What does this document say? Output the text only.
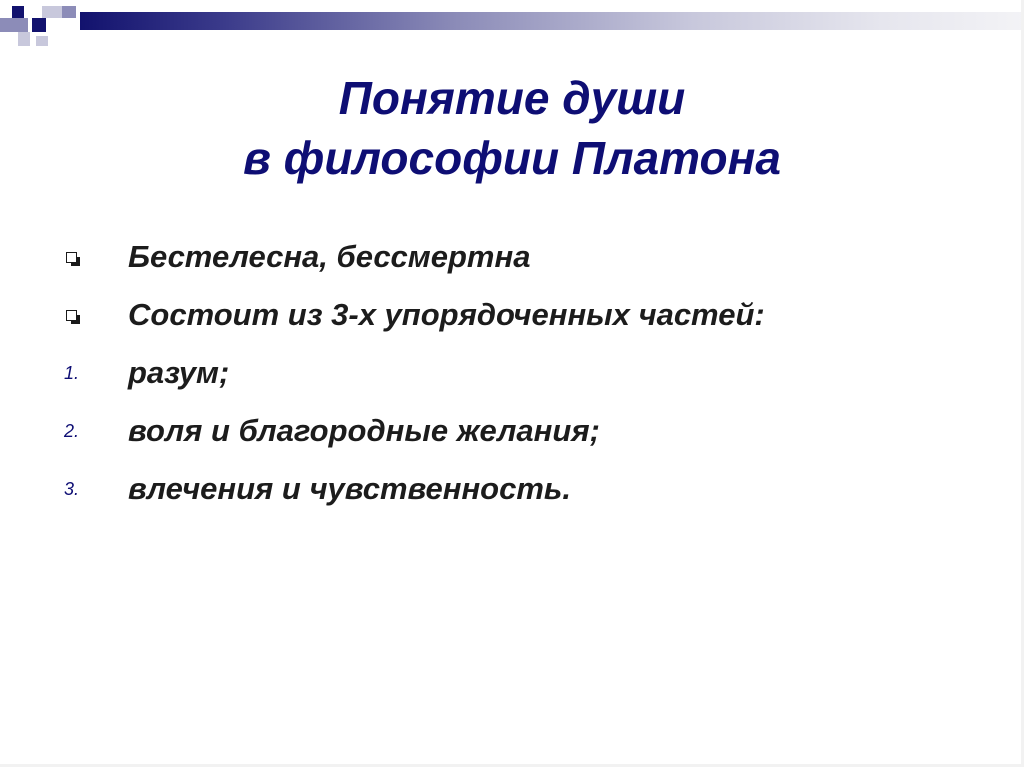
Понятие души
в философии Платона
Бестелесна, бессмертна
Состоит из 3-х упорядоченных частей:
1. разум;
2. воля и благородные желания;
3. влечения и чувственность.
